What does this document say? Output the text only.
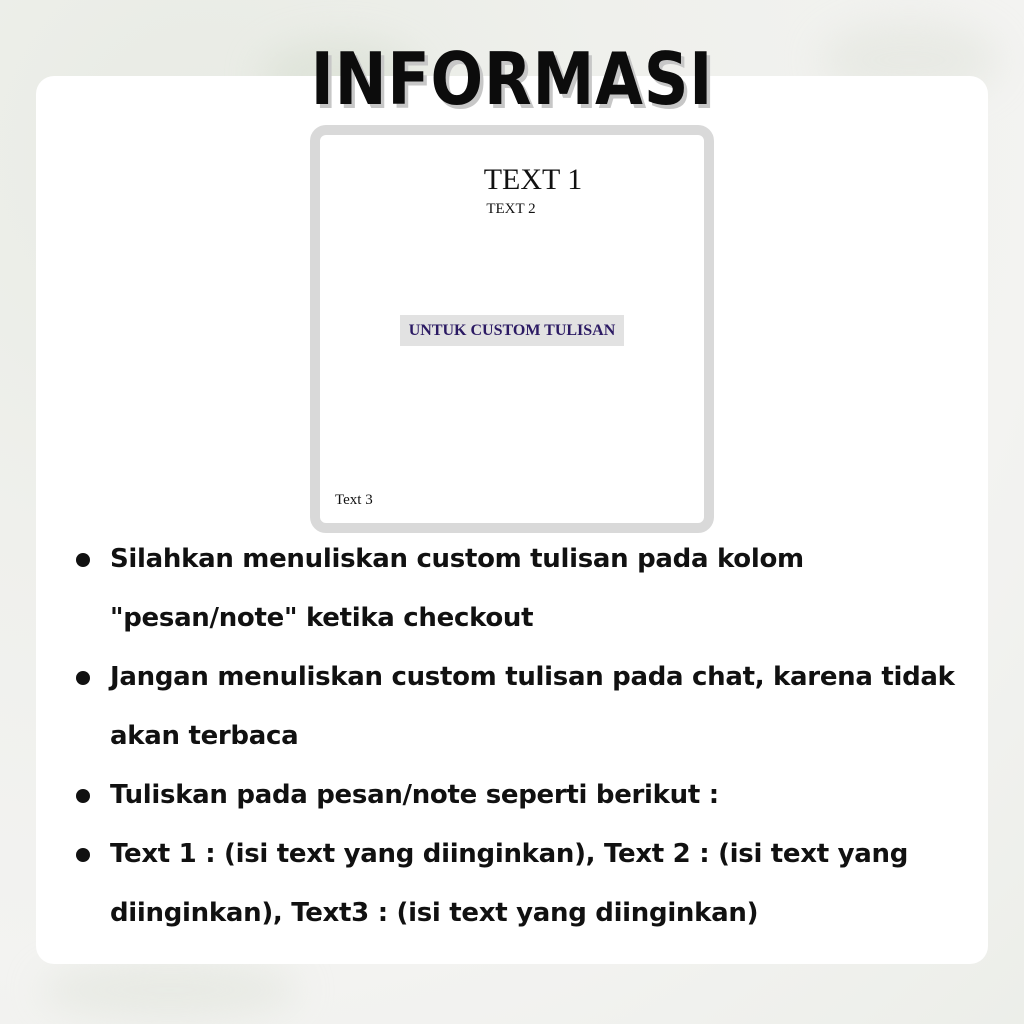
INFORMASI
TEXT 1
TEXT 2
UNTUK CUSTOM TULISAN
Text 3
Silahkan menuliskan custom tulisan pada kolom "pesan/note" ketika checkout
Jangan menuliskan custom tulisan pada chat, karena tidak akan terbaca
Tuliskan pada pesan/note seperti berikut :
Text 1 : (isi text yang diinginkan), Text 2 : (isi text yang diinginkan), Text3 : (isi text yang diinginkan)
